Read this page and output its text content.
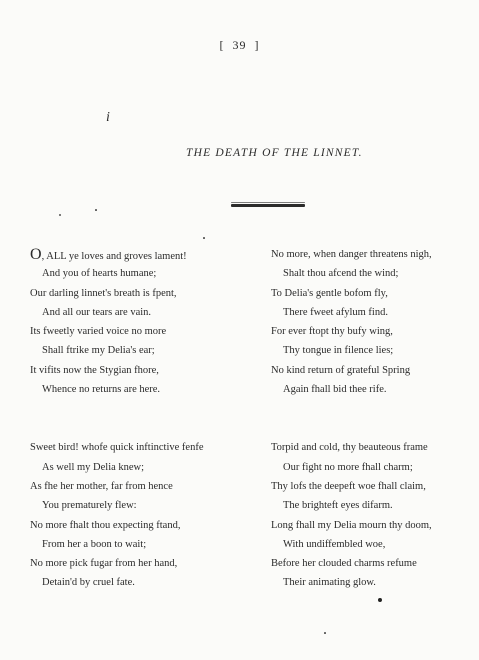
[ 39 ]
i
THE DEATH OF THE LINNET.
O, ALL ye loves and groves lament!
And you of hearts humane;
Our darling linnet's breath is fpent,
And all our tears are vain.
Its fweetly varied voice no more
Shall ftrike my Delia's ear;
It vifits now the Stygian fhore,
Whence no returns are here.
Sweet bird! whofe quick inftinctive fenfe
As well my Delia knew;
As fhe her mother, far from hence
You prematurely flew:
No more fhalt thou expecting ftand,
From her a boon to wait;
No more pick fugar from her hand,
Detain'd by cruel fate.
No more, when danger threatens nigh,
Shalt thou afcend the wind;
To Delia's gentle bofom fly,
There fweet afylum find.
For ever ftopt thy bufy wing,
Thy tongue in filence lies;
No kind return of grateful Spring
Again fhall bid thee rife.
Torpid and cold, thy beauteous frame
Our fight no more fhall charm;
Thy lofs the deepeft woe fhall claim,
The brighteft eyes difarm.
Long fhall my Delia mourn thy doom,
With undiffembled woe,
Before her clouded charms refume
Their animating glow.
